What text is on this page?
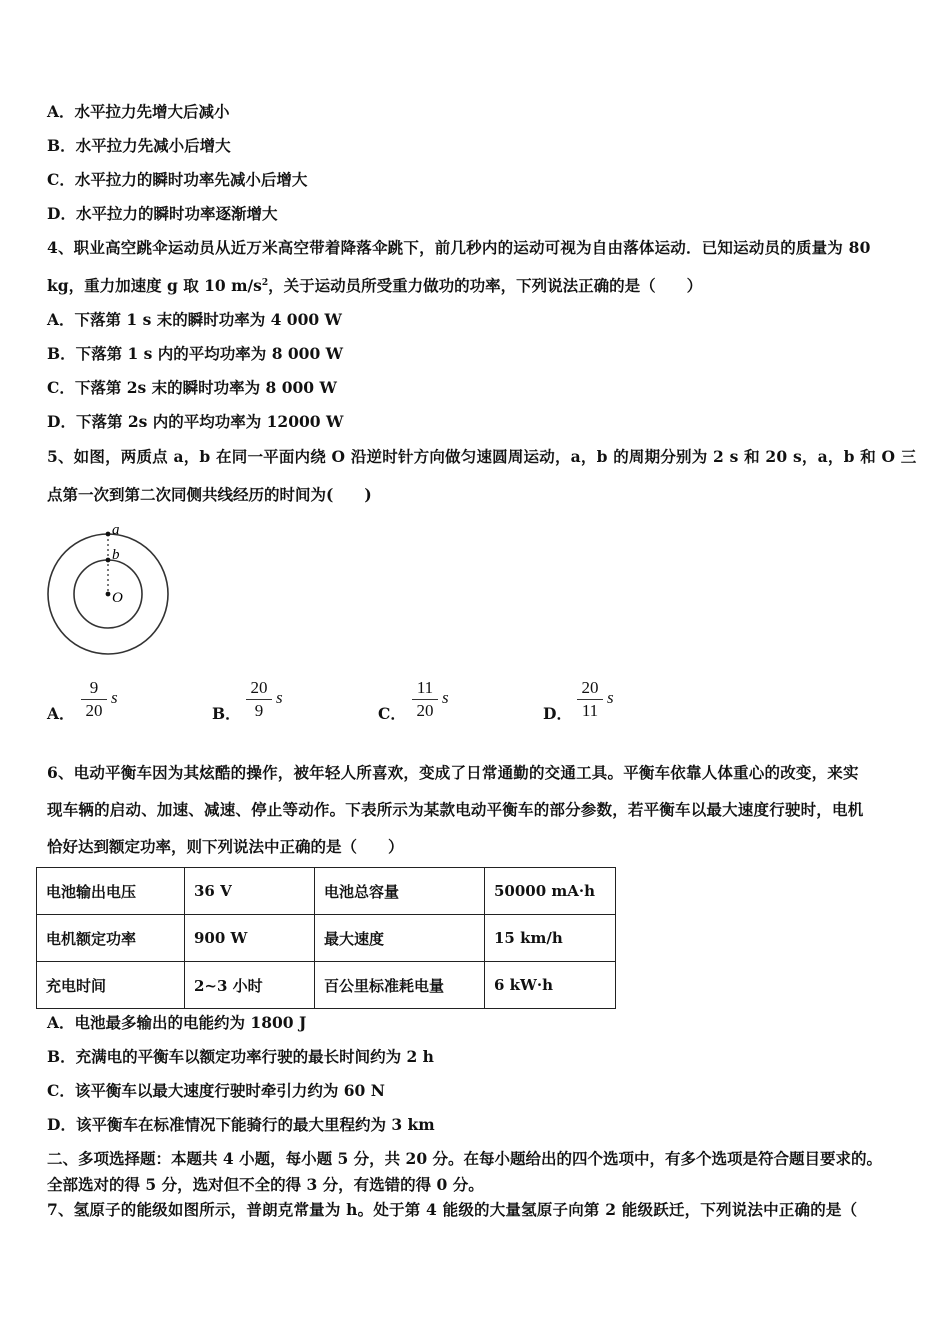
A．水平拉力先增大后减小
B．水平拉力先减小后增大
C．水平拉力的瞬时功率先减小后增大
D．水平拉力的瞬时功率逐渐增大
4、职业高空跳伞运动员从近万米高空带着降落伞跳下，前几秒内的运动可视为自由落体运动．已知运动员的质量为 80
kg，重力加速度 g 取 10 $m/s^2$，关于运动员所受重力做功的功率，下列说法正确的是（　　）
A．下落第 1 s 末的瞬时功率为 4 000 W
B．下落第 1 s 内的平均功率为 8 000 W
C．下落第 2s 末的瞬时功率为 8 000 W
D．下落第 2s 内的平均功率为 12000 W
5、如图，两质点 a，b 在同一平面内绕 O 沿逆时针方向做匀速圆周运动，a，b 的周期分别为 2 s 和 20 s，a，b 和 O 三
点第一次到第二次同侧共线经历的时间为(　　)
a
b
O
A．
9
20
s
B．
20
9
s
C．
11
20
s
D．
20
11
s
6、电动平衡车因为其炫酷的操作，被年轻人所喜欢，变成了日常通勤的交通工具。平衡车依靠人体重心的改变，来实
现车辆的启动、加速、减速、停止等动作。下表所示为某款电动平衡车的部分参数，若平衡车以最大速度行驶时，电机
恰好达到额定功率，则下列说法中正确的是（　　）
电池输出电压	36 V	电池总容量	50000 mA·h
电机额定功率	900 W	最大速度	15 km/h
充电时间	2~3 小时	百公里标准耗电量	6 kW·h
A．电池最多输出的电能约为 1800 J
B．充满电的平衡车以额定功率行驶的最长时间约为 2 h
C．该平衡车以最大速度行驶时牵引力约为 60 N
D．该平衡车在标准情况下能骑行的最大里程约为 3 km
二、多项选择题：本题共 4 小题，每小题 5 分，共 20 分。在每小题给出的四个选项中，有多个选项是符合题目要求的。
全部选对的得 5 分，选对但不全的得 3 分，有选错的得 0 分。
7、氢原子的能级如图所示，普朗克常量为 h。处于第 4 能级的大量氢原子向第 2 能级跃迁，下列说法中正确的是（
